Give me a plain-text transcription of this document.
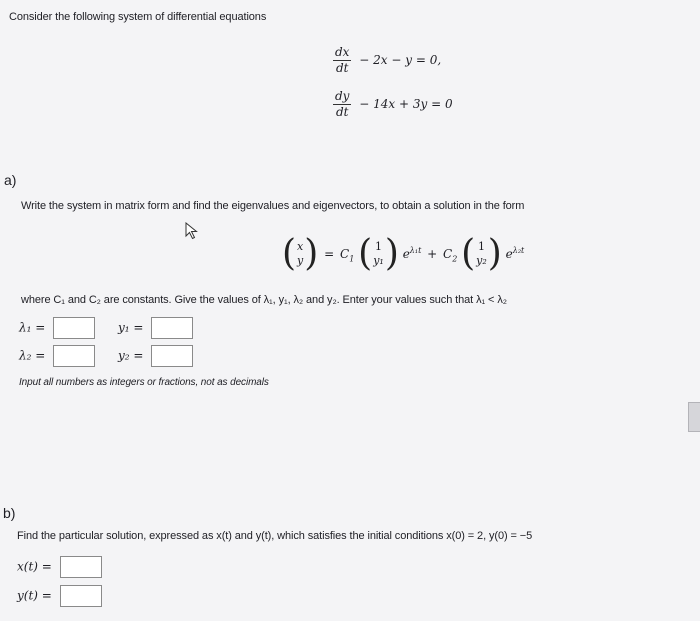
Consider the following system of differential equations
$\frac{dx}{dt} - 2x - y = 0$,
$\frac{dy}{dt} - 14x + 3y = 0$
a)
Write the system in matrix form and find the eigenvalues and eigenvectors, to obtain a solution in the form
( x
y ) = $C_1$ ( 1
y₁ ) $e^{\lambda_1t} + C_2$ ( 1
y₂ ) $e^{\lambda_2t}$
where C₁ and C₂ are constants. Give the values of λ₁, y₁, λ₂ and y₂. Enter your values such that λ₁ < λ₂
λ₁ =	y₁ =
λ₂ =	y₂ =
Input all numbers as integers or fractions, not as decimals
b)
Find the particular solution, expressed as x(t) and y(t), which satisfies the initial conditions x(0) = 2, y(0) = −5
x(t) =
y(t) =
